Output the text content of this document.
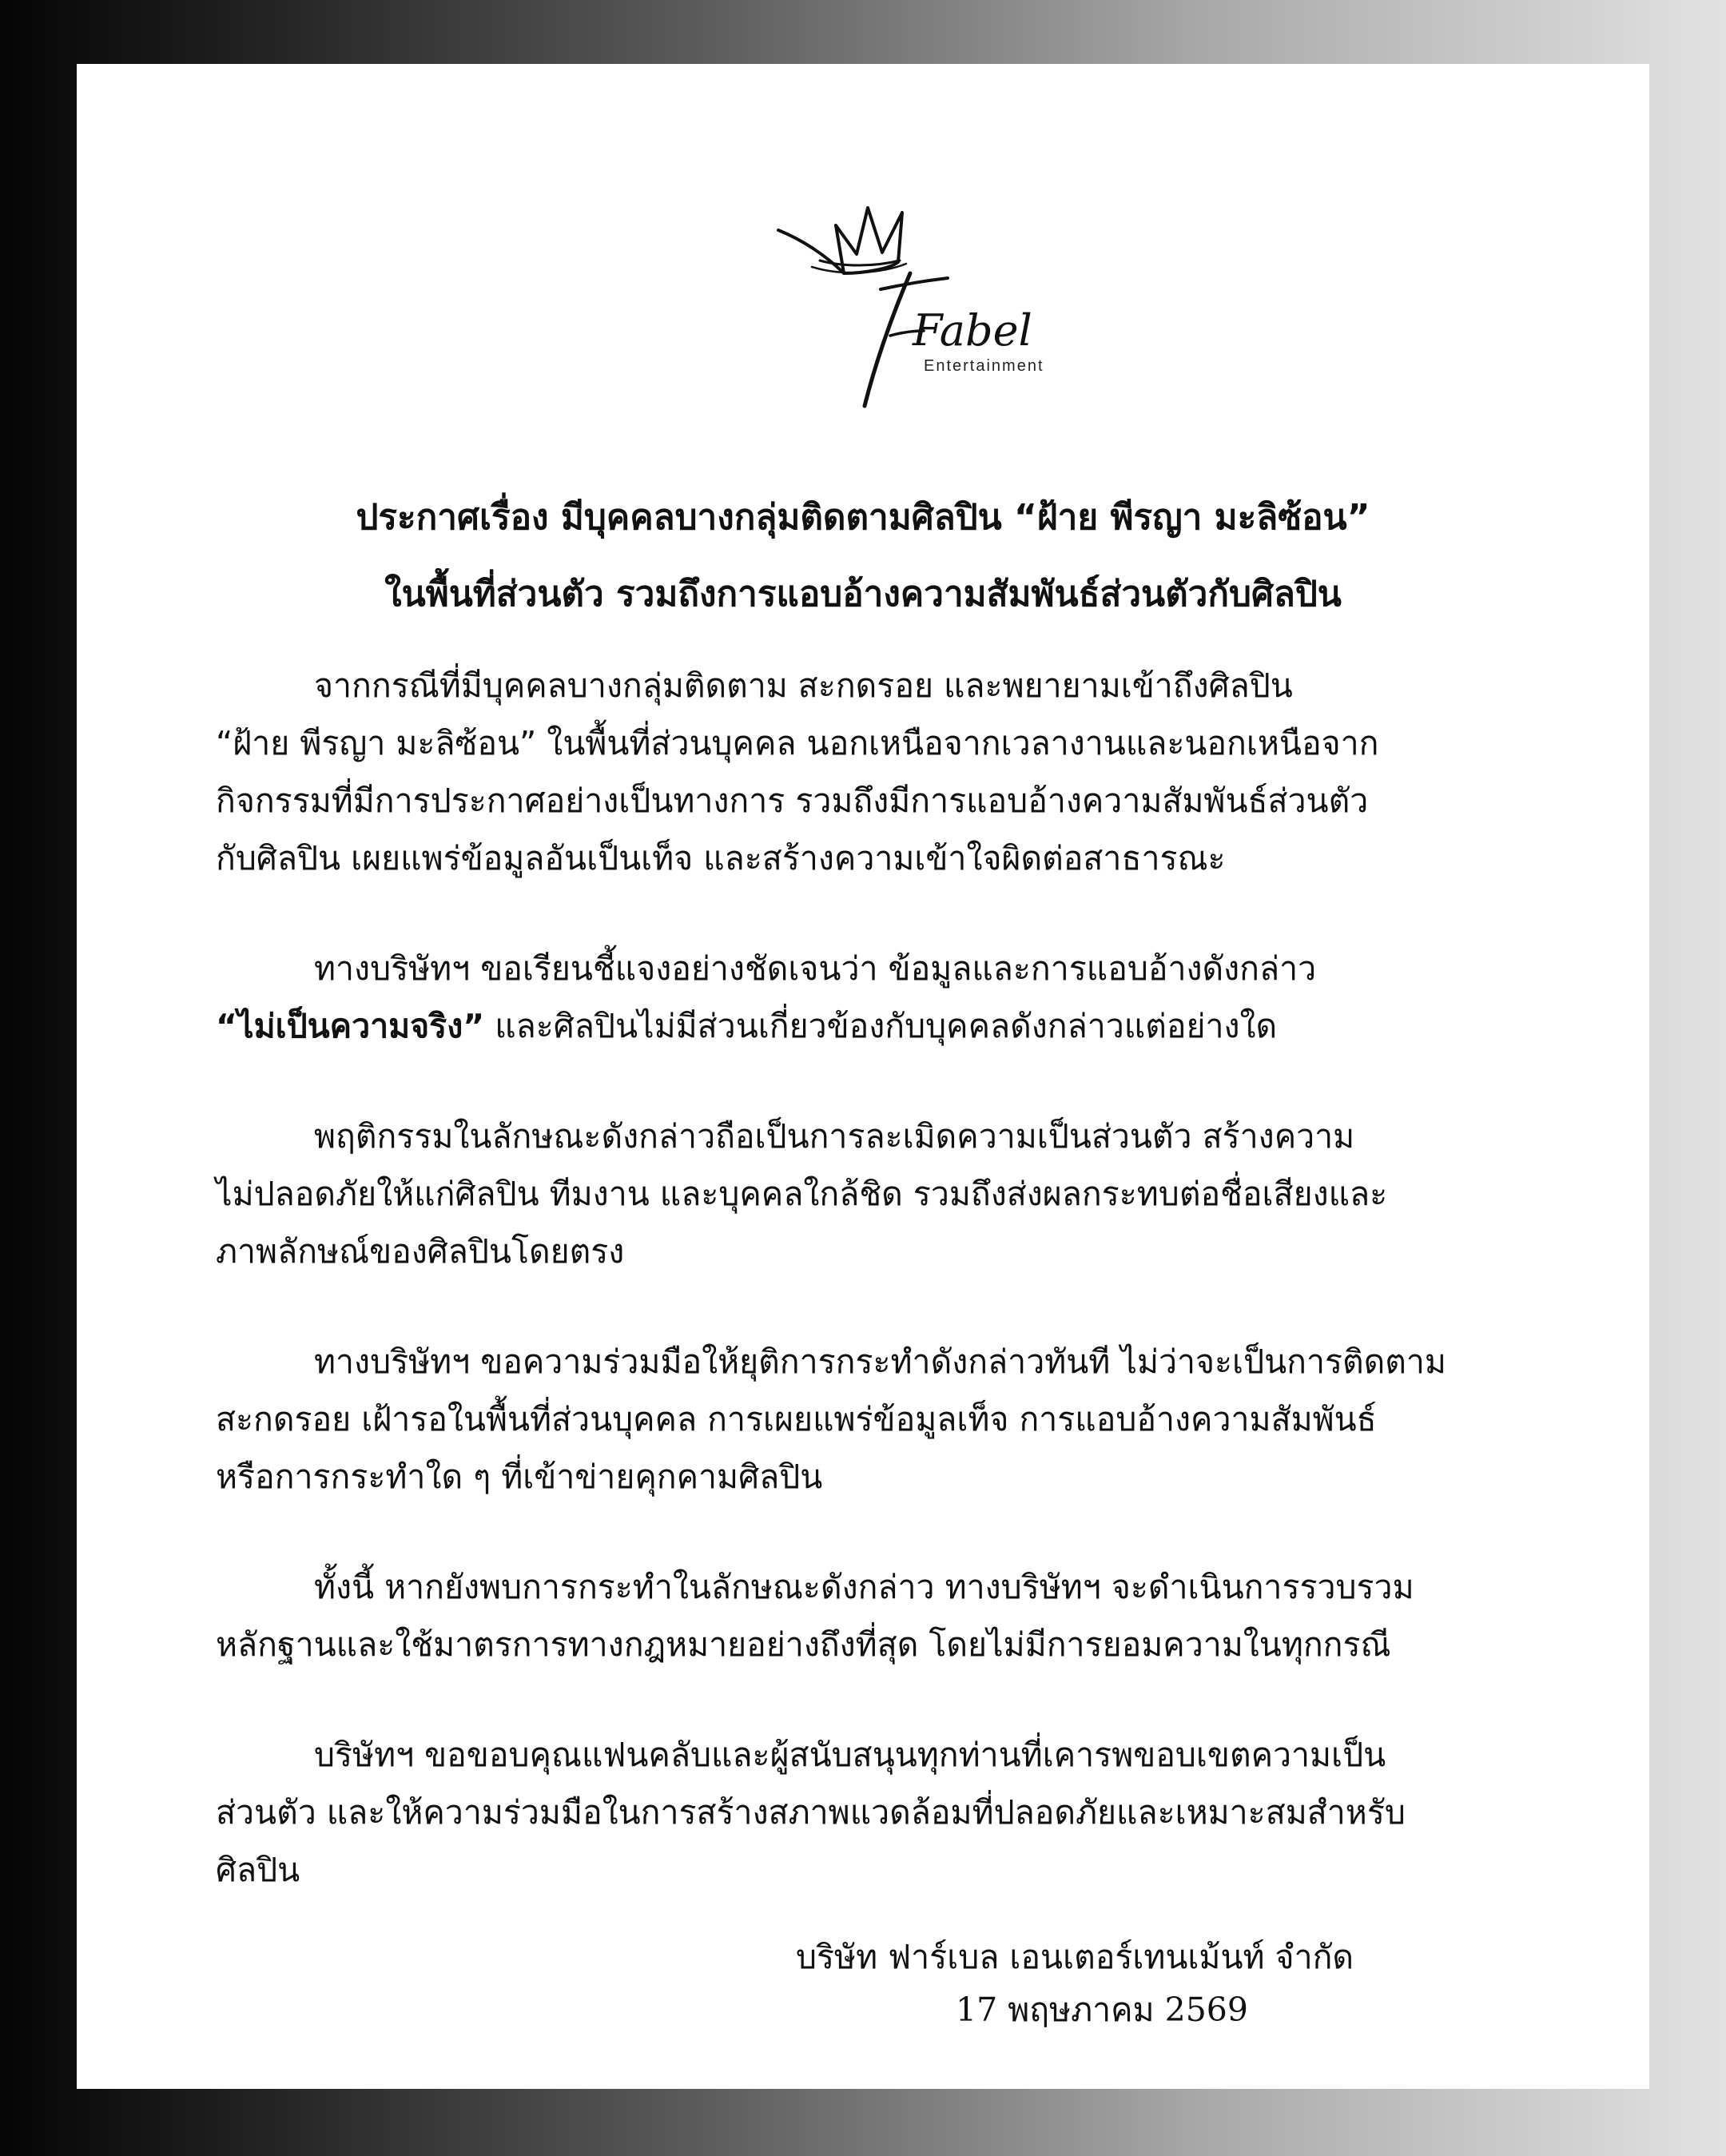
Fabel
Entertainment
ประกาศเรื่อง มีบุคคลบางกลุ่มติดตามศิลปิน “ฝ้าย พีรญา มะลิซ้อน”
ในพื้นที่ส่วนตัว รวมถึงการแอบอ้างความสัมพันธ์ส่วนตัวกับศิลปิน
จากกรณีที่มีบุคคลบางกลุ่มติดตาม สะกดรอย และพยายามเข้าถึงศิลปิน
“ฝ้าย พีรญา มะลิซ้อน” ในพื้นที่ส่วนบุคคล นอกเหนือจากเวลางานและนอกเหนือจาก
กิจกรรมที่มีการประกาศอย่างเป็นทางการ รวมถึงมีการแอบอ้างความสัมพันธ์ส่วนตัว
กับศิลปิน เผยแพร่ข้อมูลอันเป็นเท็จ และสร้างความเข้าใจผิดต่อสาธารณะ
ทางบริษัทฯ ขอเรียนชี้แจงอย่างชัดเจนว่า ข้อมูลและการแอบอ้างดังกล่าว
“ไม่เป็นความจริง” และศิลปินไม่มีส่วนเกี่ยวข้องกับบุคคลดังกล่าวแต่อย่างใด
พฤติกรรมในลักษณะดังกล่าวถือเป็นการละเมิดความเป็นส่วนตัว สร้างความ
ไม่ปลอดภัยให้แก่ศิลปิน ทีมงาน และบุคคลใกล้ชิด รวมถึงส่งผลกระทบต่อชื่อเสียงและ
ภาพลักษณ์ของศิลปินโดยตรง
ทางบริษัทฯ ขอความร่วมมือให้ยุติการกระทำดังกล่าวทันที ไม่ว่าจะเป็นการติดตาม
สะกดรอย เฝ้ารอในพื้นที่ส่วนบุคคล การเผยแพร่ข้อมูลเท็จ การแอบอ้างความสัมพันธ์
หรือการกระทำใด ๆ ที่เข้าข่ายคุกคามศิลปิน
ทั้งนี้ หากยังพบการกระทำในลักษณะดังกล่าว ทางบริษัทฯ จะดำเนินการรวบรวม
หลักฐานและใช้มาตรการทางกฎหมายอย่างถึงที่สุด โดยไม่มีการยอมความในทุกกรณี
บริษัทฯ ขอขอบคุณแฟนคลับและผู้สนับสนุนทุกท่านที่เคารพขอบเขตความเป็น
ส่วนตัว และให้ความร่วมมือในการสร้างสภาพแวดล้อมที่ปลอดภัยและเหมาะสมสำหรับ
ศิลปิน
บริษัท ฟาร์เบล เอนเตอร์เทนเม้นท์ จำกัด
17 พฤษภาคม 2569
